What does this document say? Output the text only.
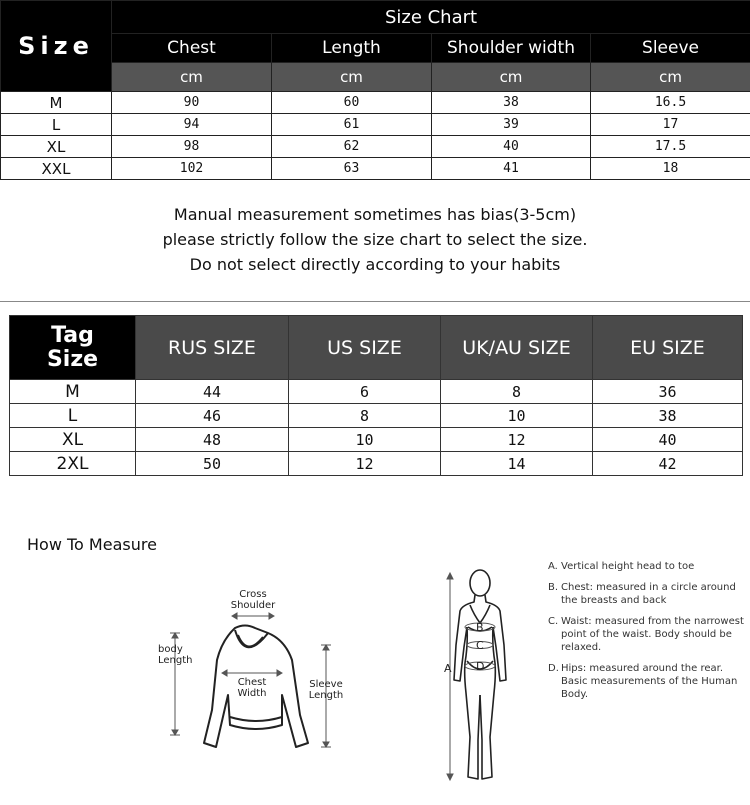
Size	Size Chart			
	Chest	Length	Shoulder width	Sleeve
	cm	cm	cm	cm
M	90	60	38	16.5
L	94	61	39	17
XL	98	62	40	17.5
XXL	102	63	41	18
Manual measurement sometimes has bias(3-5cm)
please strictly follow the size chart to select the size.
Do not select directly according to your habits
Tag
Size	RUS SIZE	US SIZE	UK/AU SIZE	EU SIZE
M	44	6	8	36
L	46	8	10	38
XL	48	10	12	40
2XL	50	12	14	42
How To Measure
Cross
Shoulder
body
Length
Chest
Width
Sleeve
Length
A
B
C
D
A. Vertical height head to toe
B. Chest: measured in a circle around the breasts and back
C. Waist: measured from the narrowest point of the waist. Body should be relaxed.
D. Hips: measured around the rear. Basic measurements of the Human Body.
